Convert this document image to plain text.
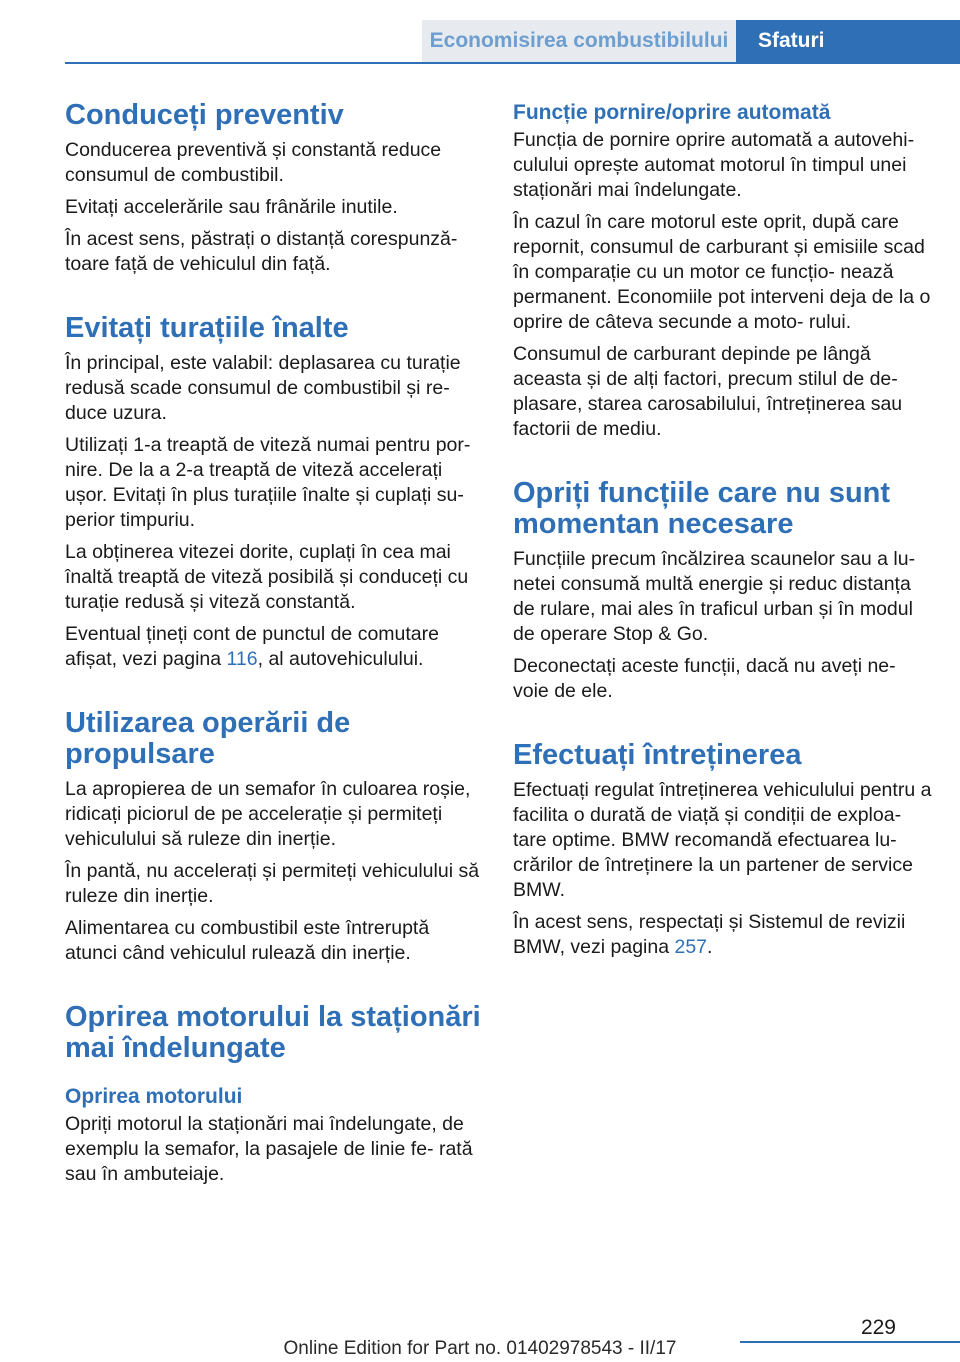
Economisirea combustibilului	Sfaturi
Conduceți preventiv

Conducerea preventivă și constantă reduce consumul de combustibil.

Evitați accelerările sau frânările inutile.

În acest sens, păstrați o distanță corespunză‐ toare față de vehiculul din față.

Evitați turațiile înalte

În principal, este valabil: deplasarea cu turație redusă scade consumul de combustibil și re‐ duce uzura.

Utilizați 1-a treaptă de viteză numai pentru por‐ nire. De la a 2-a treaptă de viteză accelerați ușor. Evitați în plus turațiile înalte și cuplați su‐ perior timpuriu.

La obținerea vitezei dorite, cuplați în cea mai înaltă treaptă de viteză posibilă și conduceți cu turație redusă și viteză constantă.

Eventual țineți cont de punctul de comutare afișat, vezi pagina 116, al autovehiculului.

Utilizarea operării de propulsare

La apropierea de un semafor în culoarea roșie, ridicați piciorul de pe accelerație și permiteți vehiculului să ruleze din inerție.

În pantă, nu accelerați și permiteți vehiculului să ruleze din inerție.

Alimentarea cu combustibil este întreruptă atunci când vehiculul rulează din inerție.

Oprirea motorului la staționări mai îndelungate
Oprirea motorului

Opriți motorul la staționări mai îndelungate, de exemplu la semafor, la pasajele de linie fe‐ rată sau în ambuteiaje.

Funcție pornire/oprire automată

Funcția de pornire oprire automată a autovehi‐ culului oprește automat motorul în timpul unei staționări mai îndelungate.

În cazul în care motorul este oprit, după care repornit, consumul de carburant și emisiile scad în comparație cu un motor ce funcțio‐ nează permanent. Economiile pot interveni deja de la o oprire de câteva secunde a moto‐ rului.

Consumul de carburant depinde pe lângă aceasta și de alți factori, precum stilul de de‐ plasare, starea carosabilului, întreținerea sau factorii de mediu.

Opriți funcțiile care nu sunt momentan necesare

Funcțiile precum încălzirea scaunelor sau a lu‐ netei consumă multă energie și reduc distanța de rulare, mai ales în traficul urban și în modul de operare Stop & Go.

Deconectați aceste funcții, dacă nu aveți ne‐ voie de ele.

Efectuați întreținerea

Efectuați regulat întreținerea vehiculului pentru a facilita o durată de viață și condiții de exploa‐ tare optime. BMW recomandă efectuarea lu‐ crărilor de întreținere la un partener de service BMW.

În acest sens, respectați și Sistemul de revizii BMW, vezi pagina 257.

229
Online Edition for Part no. 01402978543 - II/17
